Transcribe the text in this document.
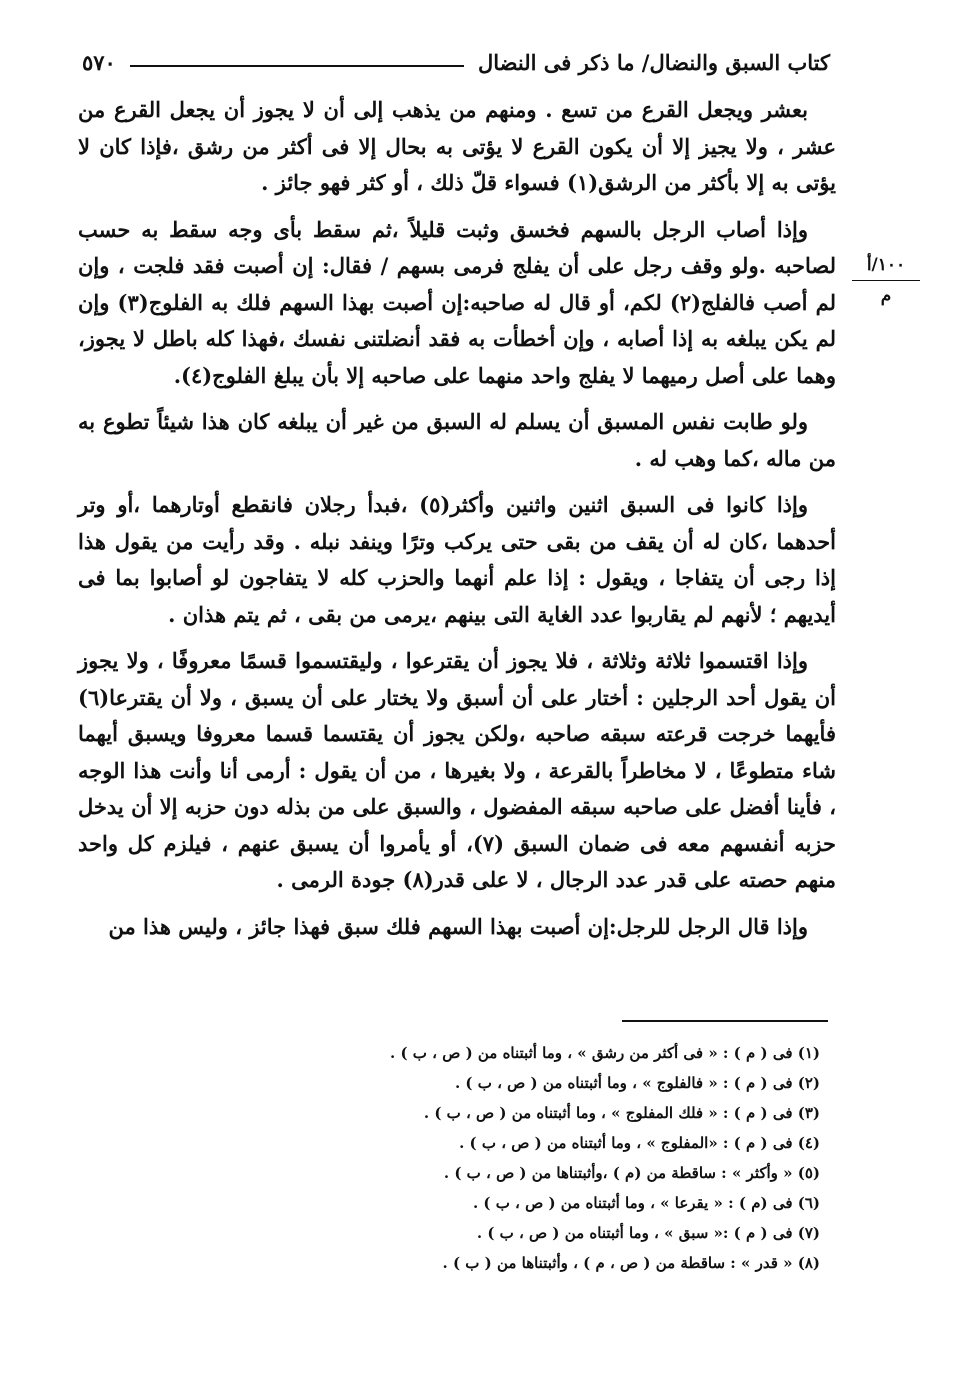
كتاب السبق والنضال/ ما ذكر فى النضال
٥٧٠
١٠٠/أ
م

بعشر ويجعل القرع من تسع . ومنهم من يذهب إلى أن لا يجوز أن يجعل القرع من عشر ، ولا يجيز إلا أن يكون القرع لا يؤتى به بحال إلا فى أكثر من رشق ،فإذا كان لا يؤتى به إلا بأكثر من الرشق(١) فسواء قلّ ذلك ، أو كثر فهو جائز .

وإذا أصاب الرجل بالسهم فخسق وثبت قليلاً ،ثم سقط بأى وجه سقط به حسب لصاحبه .ولو وقف رجل على أن يفلج فرمى بسهم / فقال: إن أصبت فقد فلجت ، وإن لم أصب فالفلج(٢) لكم، أو قال له صاحبه:إن أصبت بهذا السهم فلك به الفلوج(٣) وإن لم يكن يبلغه به إذا أصابه ، وإن أخطأت به فقد أنضلتنى نفسك ،فهذا كله باطل لا يجوز، وهما على أصل رميهما لا يفلج واحد منهما على صاحبه إلا بأن يبلغ الفلوج(٤).

ولو طابت نفس المسبق أن يسلم له السبق من غير أن يبلغه كان هذا شيئاً تطوع به من ماله ،كما وهب له .

وإذا كانوا فى السبق اثنين واثنين وأكثر(٥) ،فبدأ رجلان فانقطع أوتارهما ،أو وتر أحدهما ،كان له أن يقف من بقى حتى يركب وترًا وينفد نبله . وقد رأيت من يقول هذا إذا رجى أن يتفاجا ، ويقول : إذا علم أنهما والحزب كله لا يتفاجون لو أصابوا بما فى أيديهم ؛ لأنهم لم يقاربوا عدد الغاية التى بينهم ،يرمى من بقى ، ثم يتم هذان .

وإذا اقتسموا ثلاثة وثلاثة ، فلا يجوز أن يقترعوا ، وليقتسموا قسمًا معروفًا ، ولا يجوز أن يقول أحد الرجلين : أختار على أن أسبق ولا يختار على أن يسبق ، ولا أن يقترعا(٦) فأيهما خرجت قرعته سبقه صاحبه ،ولكن يجوز أن يقتسما قسما معروفا ويسبق أيهما شاء متطوعًا ، لا مخاطراً بالقرعة ، ولا بغيرها ، من أن يقول : أرمى أنا وأنت هذا الوجه ، فأينا أفضل على صاحبه سبقه المفضول ، والسبق على من بذله دون حزبه إلا أن يدخل حزبه أنفسهم معه فى ضمان السبق (٧)، أو يأمروا أن يسبق عنهم ، فيلزم كل واحد منهم حصته على قدر عدد الرجال ، لا على قدر(٨) جودة الرمى .

وإذا قال الرجل للرجل:إن أصبت بهذا السهم فلك سبق فهذا جائز ، وليس هذا من

(١) فى ( م ) : « فى أكثر من رشق » ، وما أثبتناه من ( ص ، ب ) .
(٢) فى ( م ) : « فالفلوج » ، وما أثبتناه من ( ص ، ب ) .
(٣) فى ( م ) : « فلك المفلوج » ، وما أثبتناه من ( ص ، ب ) .
(٤) فى ( م ) : «المفلوج » ، وما أثبتناه من ( ص ، ب ) .
(٥) « وأكثر » : ساقطة من (م ) ،وأثبتناها من ( ص ، ب ) .
(٦) فى (م ) : « يقرعا » ، وما أثبتناه من ( ص ، ب ) .
(٧) فى ( م ) :« سبق » ، وما أثبتناه من ( ص ، ب ) .
(٨) « قدر » : ساقطة من ( ص ، م ) ، وأثبتناها من ( ب ) .
